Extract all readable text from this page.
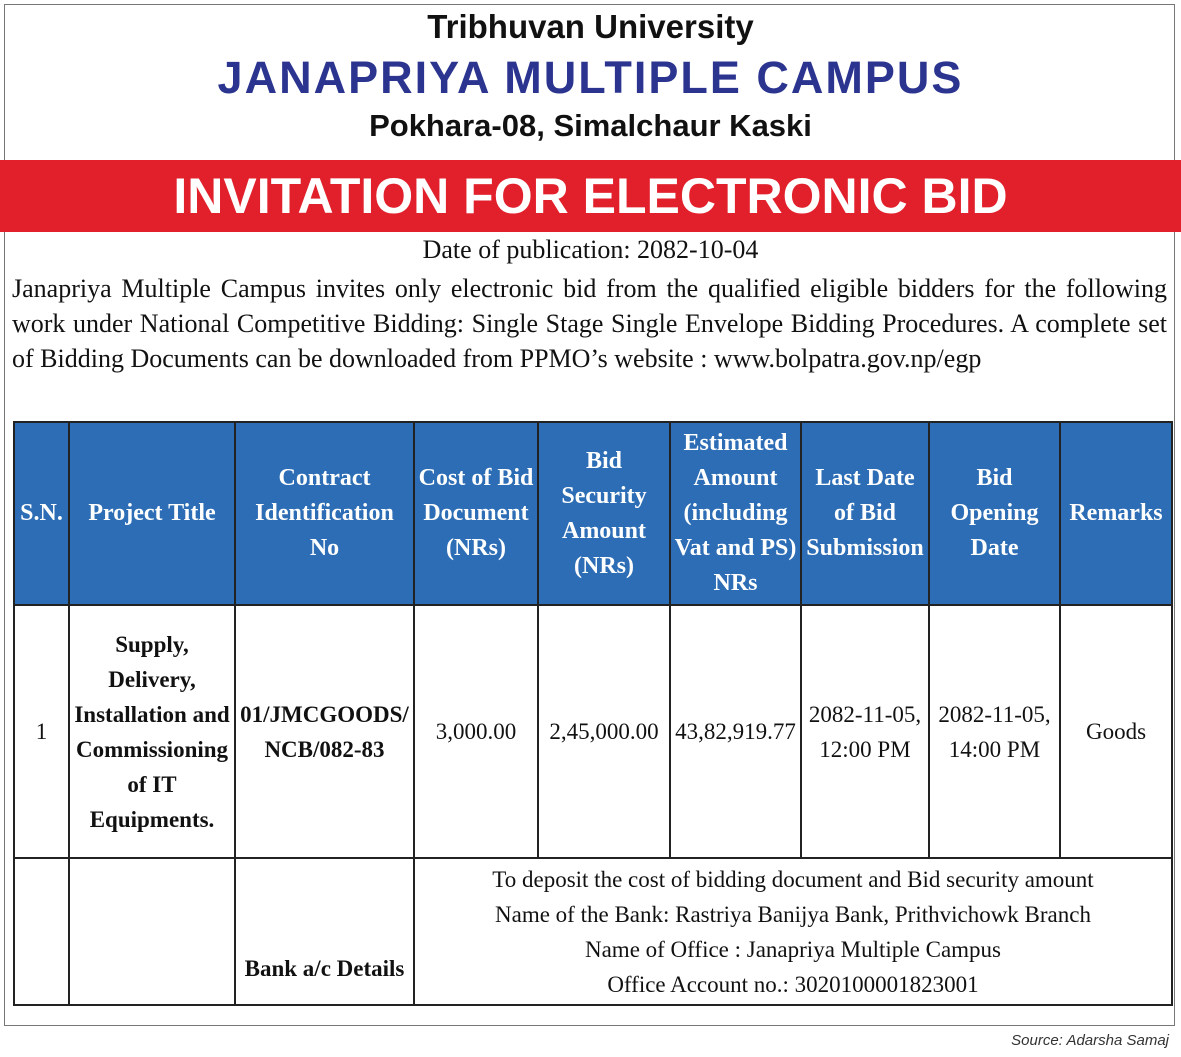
Tribhuvan University
JANAPRIYA MULTIPLE CAMPUS
Pokhara-08, Simalchaur Kaski
INVITATION FOR ELECTRONIC BID
Date of publication: 2082-10-04
Janapriya Multiple Campus invites only electronic bid from the qualified eligible bidders for the following work under National Competitive Bidding: Single Stage Single Envelope Bidding Procedures. A complete set of Bidding Documents can be downloaded from PPMO’s website : www.bolpatra.gov.np/egp
S.N.	Project Title	Contract Identification No	Cost of Bid Document (NRs)	Bid Security Amount (NRs)	Estimated Amount (including Vat and PS) NRs	Last Date of Bid Submission	Bid Opening Date	Remarks
1	Supply, Delivery, Installation and Commissioning of IT Equipments.	01/JMCGOODS/ NCB/082-83	3,000.00	2,45,000.00	43,82,919.77	2082-11-05, 12:00 PM	2082-11-05, 14:00 PM	Goods
		Bank a/c Details	To deposit the cost of bidding document and Bid security amount
Name of the Bank: Rastriya Banijya Bank, Prithvichowk Branch
Name of Office : Janapriya Multiple Campus
Office Account no.: 3020100001823001					
Source: Adarsha Samaj
